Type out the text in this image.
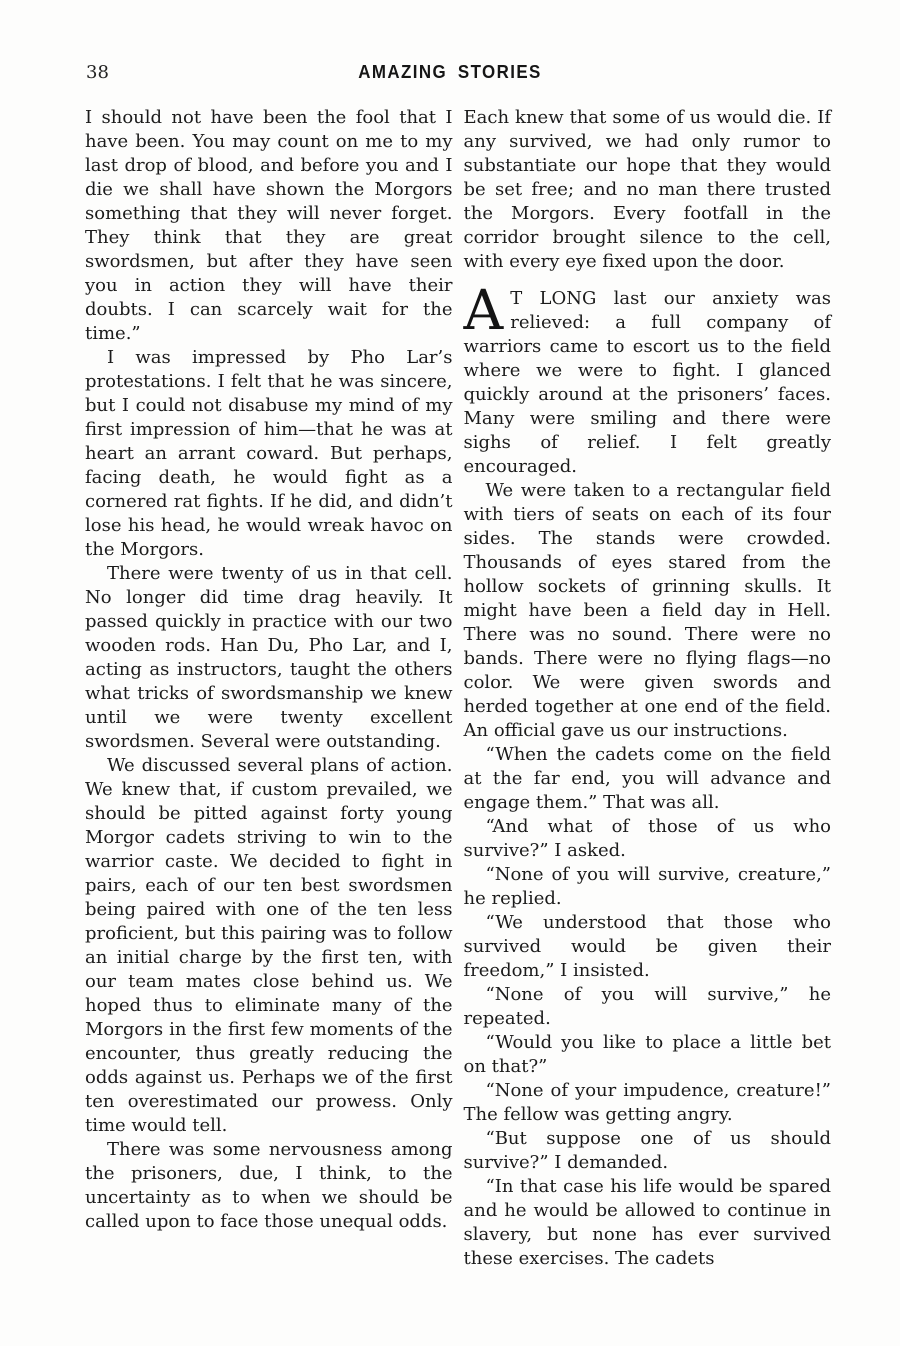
38	AMAZING STORIES

I should not have been the fool that I have been. You may count on me to my last drop of blood, and before you and I die we shall have shown the Morgors something that they will never forget. They think that they are great swordsmen, but after they have seen you in action they will have their doubts. I can scarcely wait for the time.”

I was impressed by Pho Lar’s protestations. I felt that he was sincere, but I could not disabuse my mind of my first impression of him—that he was at heart an arrant coward. But perhaps, facing death, he would fight as a cornered rat fights. If he did, and didn’t lose his head, he would wreak havoc on the Morgors.

There were twenty of us in that cell. No longer did time drag heavily. It passed quickly in practice with our two wooden rods. Han Du, Pho Lar, and I, acting as instructors, taught the others what tricks of swordsmanship we knew until we were twenty excellent swordsmen. Several were outstanding.

We discussed several plans of action. We knew that, if custom prevailed, we should be pitted against forty young Morgor cadets striving to win to the warrior caste. We decided to fight in pairs, each of our ten best swordsmen being paired with one of the ten less proficient, but this pairing was to follow an initial charge by the first ten, with our team mates close behind us. We hoped thus to eliminate many of the Morgors in the first few moments of the encounter, thus greatly reducing the odds against us. Perhaps we of the first ten overestimated our prowess. Only time would tell.

There was some nervousness among the prisoners, due, I think, to the uncertainty as to when we should be called upon to face those unequal odds.

Each knew that some of us would die. If any survived, we had only rumor to substantiate our hope that they would be set free; and no man there trusted the Morgors. Every footfall in the corridor brought silence to the cell, with every eye fixed upon the door.

A T LONG last our anxiety was relieved: a full company of warriors came to escort us to the field where we were to fight. I glanced quickly around at the prisoners’ faces. Many were smiling and there were sighs of relief. I felt greatly encouraged.

We were taken to a rectangular field with tiers of seats on each of its four sides. The stands were crowded. Thousands of eyes stared from the hollow sockets of grinning skulls. It might have been a field day in Hell. There was no sound. There were no bands. There were no flying flags—no color. We were given swords and herded together at one end of the field. An official gave us our instructions.

“When the cadets come on the field at the far end, you will advance and engage them.” That was all.

“And what of those of us who survive?” I asked.

“None of you will survive, creature,” he replied.

“We understood that those who survived would be given their freedom,” I insisted.

“None of you will survive,” he repeated.

“Would you like to place a little bet on that?”

“None of your impudence, creature!” The fellow was getting angry.

“But suppose one of us should survive?” I demanded.

“In that case his life would be spared and he would be allowed to continue in slavery, but none has ever survived these exercises. The cadets
